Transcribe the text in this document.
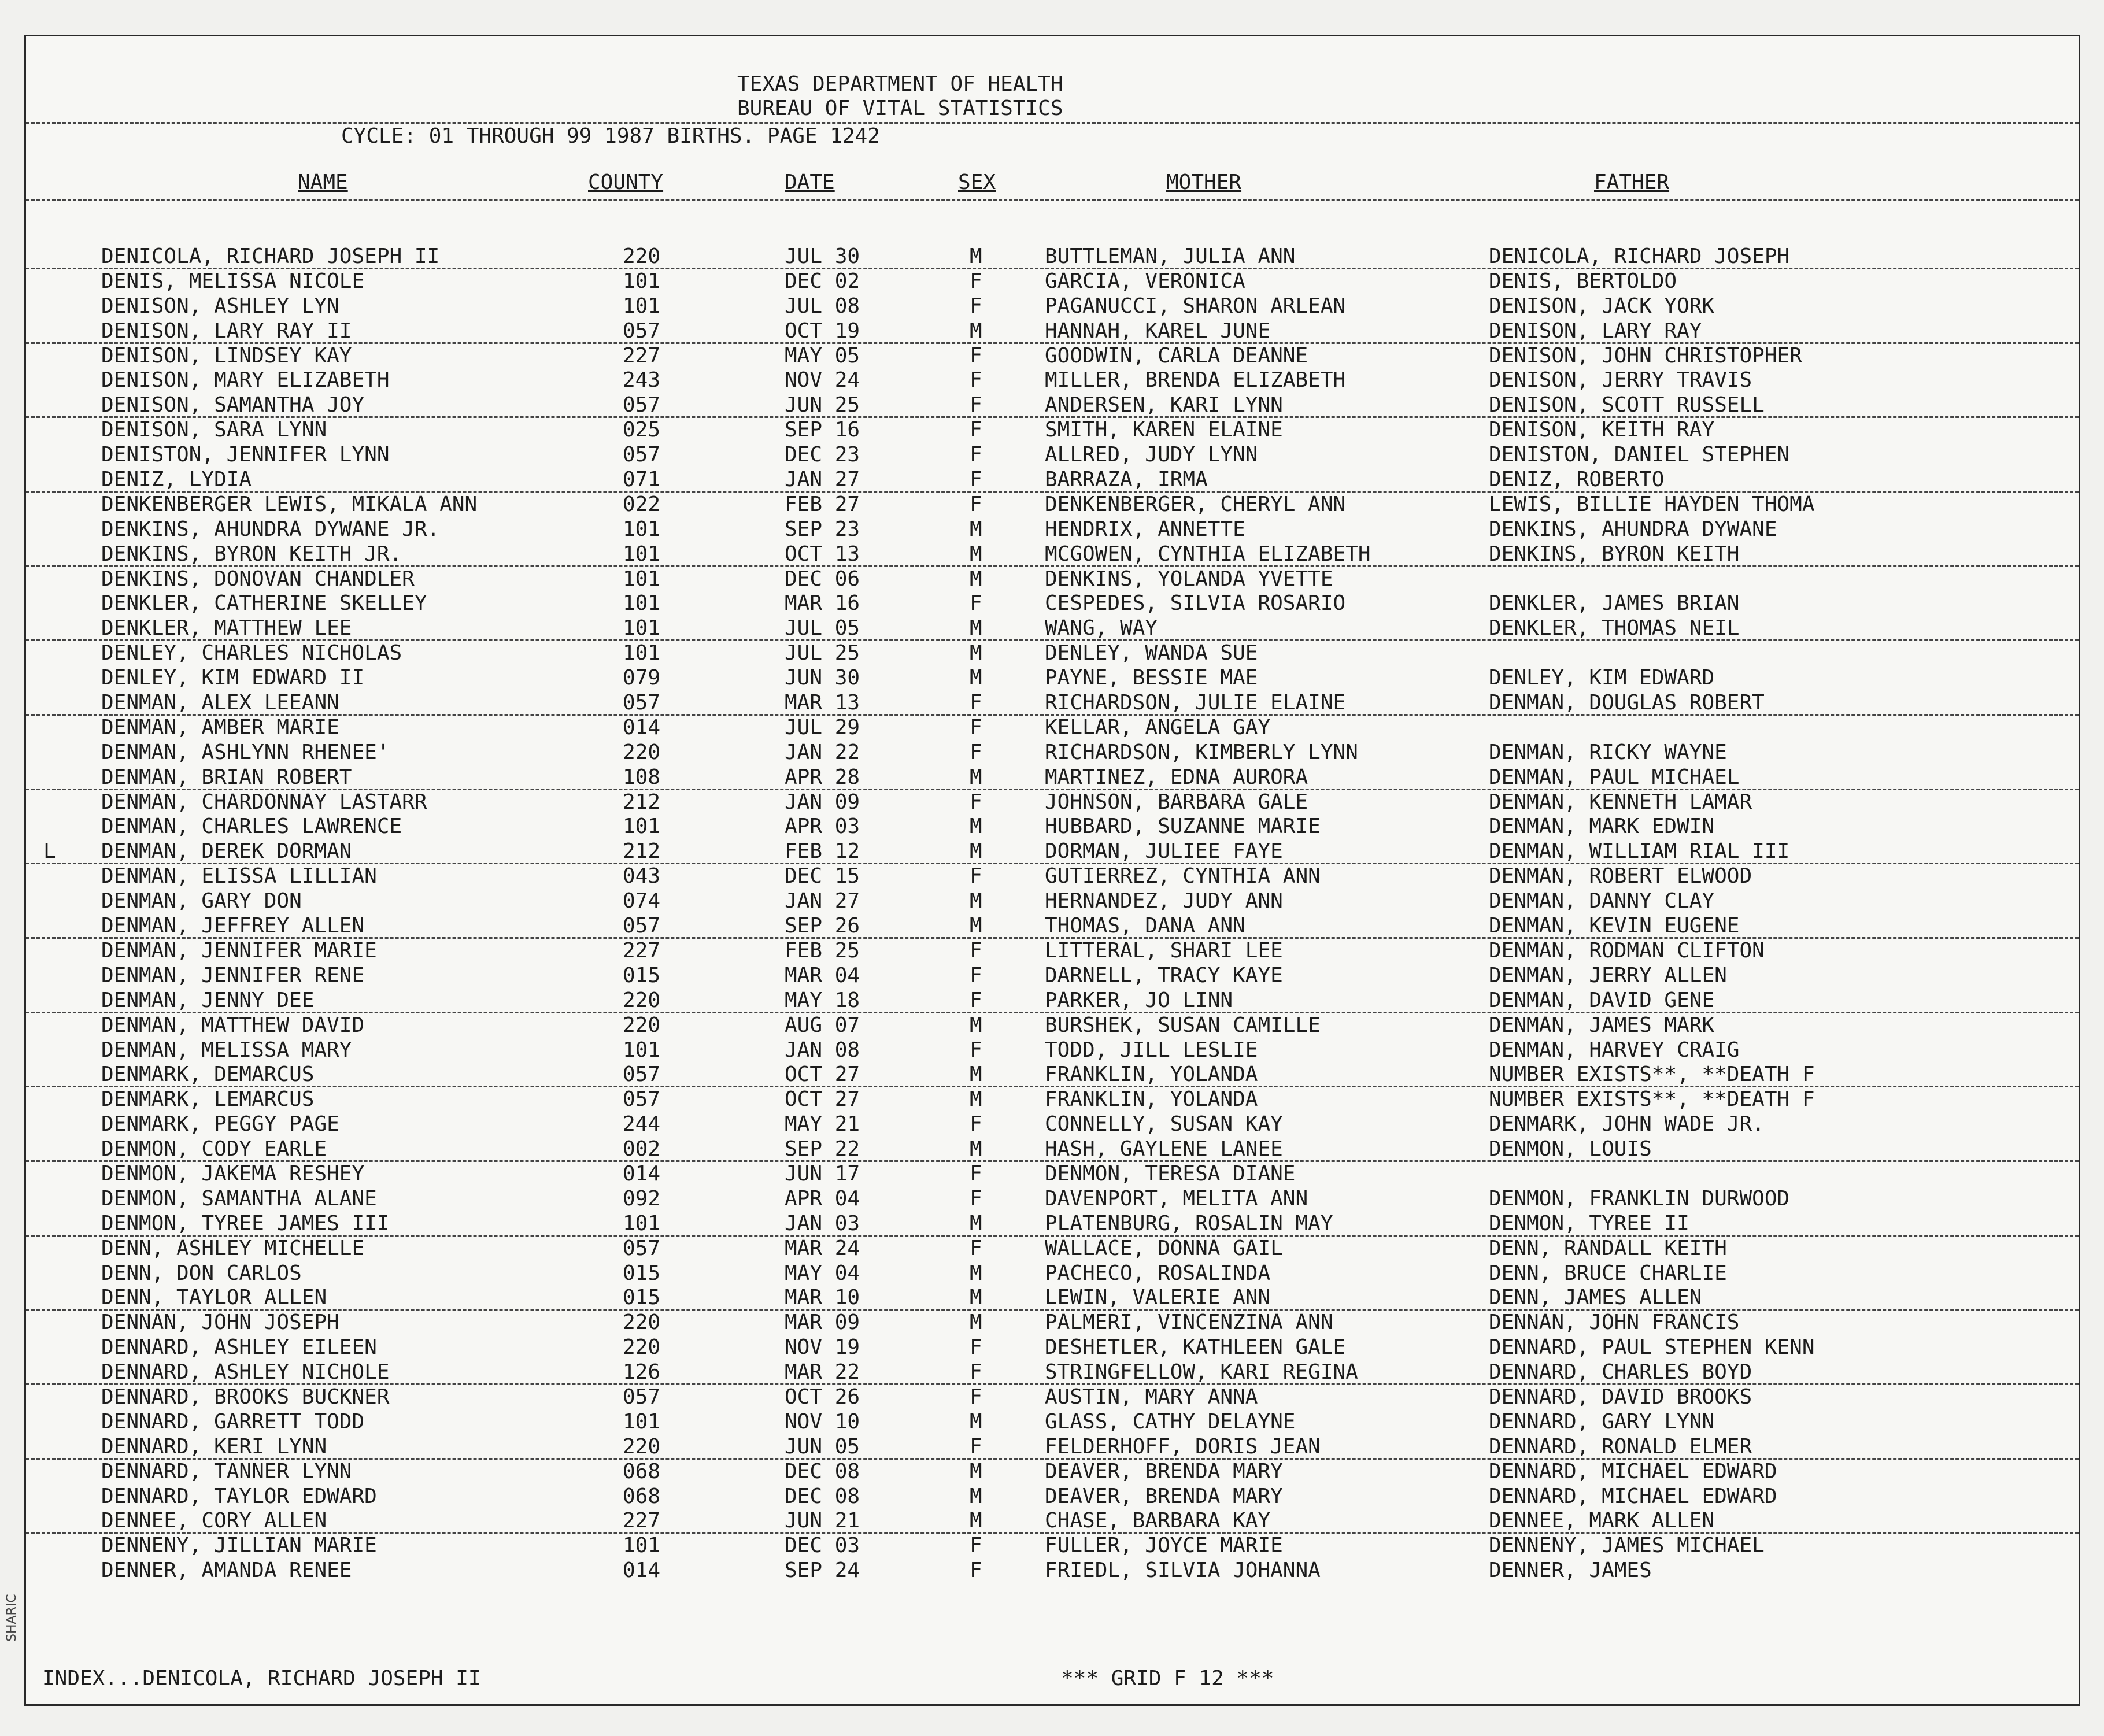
SHARIC
TEXAS DEPARTMENT OF HEALTH
BUREAU OF VITAL STATISTICS
CYCLE: 01 THROUGH 99 1987 BIRTHS. PAGE 1242
NAME	COUNTY	DATE	SEX	MOTHER	FATHER
DENICOLA, RICHARD JOSEPH II	220	JUL 30	M	BUTTLEMAN, JULIA ANN	DENICOLA, RICHARD JOSEPH
DENIS, MELISSA NICOLE	101	DEC 02	F	GARCIA, VERONICA	DENIS, BERTOLDO
DENISON, ASHLEY LYN	101	JUL 08	F	PAGANUCCI, SHARON ARLEAN	DENISON, JACK YORK
DENISON, LARY RAY II	057	OCT 19	M	HANNAH, KAREL JUNE	DENISON, LARY RAY
DENISON, LINDSEY KAY	227	MAY 05	F	GOODWIN, CARLA DEANNE	DENISON, JOHN CHRISTOPHER
DENISON, MARY ELIZABETH	243	NOV 24	F	MILLER, BRENDA ELIZABETH	DENISON, JERRY TRAVIS
DENISON, SAMANTHA JOY	057	JUN 25	F	ANDERSEN, KARI LYNN	DENISON, SCOTT RUSSELL
DENISON, SARA LYNN	025	SEP 16	F	SMITH, KAREN ELAINE	DENISON, KEITH RAY
DENISTON, JENNIFER LYNN	057	DEC 23	F	ALLRED, JUDY LYNN	DENISTON, DANIEL STEPHEN
DENIZ, LYDIA	071	JAN 27	F	BARRAZA, IRMA	DENIZ, ROBERTO
DENKENBERGER LEWIS, MIKALA ANN	022	FEB 27	F	DENKENBERGER, CHERYL ANN	LEWIS, BILLIE HAYDEN THOMA
DENKINS, AHUNDRA DYWANE JR.	101	SEP 23	M	HENDRIX, ANNETTE	DENKINS, AHUNDRA DYWANE
DENKINS, BYRON KEITH JR.	101	OCT 13	M	MCGOWEN, CYNTHIA ELIZABETH	DENKINS, BYRON KEITH
DENKINS, DONOVAN CHANDLER	101	DEC 06	M	DENKINS, YOLANDA YVETTE
DENKLER, CATHERINE SKELLEY	101	MAR 16	F	CESPEDES, SILVIA ROSARIO	DENKLER, JAMES BRIAN
DENKLER, MATTHEW LEE	101	JUL 05	M	WANG, WAY	DENKLER, THOMAS NEIL
DENLEY, CHARLES NICHOLAS	101	JUL 25	M	DENLEY, WANDA SUE
DENLEY, KIM EDWARD II	079	JUN 30	M	PAYNE, BESSIE MAE	DENLEY, KIM EDWARD
DENMAN, ALEX LEEANN	057	MAR 13	F	RICHARDSON, JULIE ELAINE	DENMAN, DOUGLAS ROBERT
DENMAN, AMBER MARIE	014	JUL 29	F	KELLAR, ANGELA GAY
DENMAN, ASHLYNN RHENEE'	220	JAN 22	F	RICHARDSON, KIMBERLY LYNN	DENMAN, RICKY WAYNE
DENMAN, BRIAN ROBERT	108	APR 28	M	MARTINEZ, EDNA AURORA	DENMAN, PAUL MICHAEL
DENMAN, CHARDONNAY LASTARR	212	JAN 09	F	JOHNSON, BARBARA GALE	DENMAN, KENNETH LAMAR
DENMAN, CHARLES LAWRENCE	101	APR 03	M	HUBBARD, SUZANNE MARIE	DENMAN, MARK EDWIN
L DENMAN, DEREK DORMAN	212	FEB 12	M	DORMAN, JULIEE FAYE	DENMAN, WILLIAM RIAL III
DENMAN, ELISSA LILLIAN	043	DEC 15	F	GUTIERREZ, CYNTHIA ANN	DENMAN, ROBERT ELWOOD
DENMAN, GARY DON	074	JAN 27	M	HERNANDEZ, JUDY ANN	DENMAN, DANNY CLAY
DENMAN, JEFFREY ALLEN	057	SEP 26	M	THOMAS, DANA ANN	DENMAN, KEVIN EUGENE
DENMAN, JENNIFER MARIE	227	FEB 25	F	LITTERAL, SHARI LEE	DENMAN, RODMAN CLIFTON
DENMAN, JENNIFER RENE	015	MAR 04	F	DARNELL, TRACY KAYE	DENMAN, JERRY ALLEN
DENMAN, JENNY DEE	220	MAY 18	F	PARKER, JO LINN	DENMAN, DAVID GENE
DENMAN, MATTHEW DAVID	220	AUG 07	M	BURSHEK, SUSAN CAMILLE	DENMAN, JAMES MARK
DENMAN, MELISSA MARY	101	JAN 08	F	TODD, JILL LESLIE	DENMAN, HARVEY CRAIG
DENMARK, DEMARCUS	057	OCT 27	M	FRANKLIN, YOLANDA	NUMBER EXISTS**, **DEATH F
DENMARK, LEMARCUS	057	OCT 27	M	FRANKLIN, YOLANDA	NUMBER EXISTS**, **DEATH F
DENMARK, PEGGY PAGE	244	MAY 21	F	CONNELLY, SUSAN KAY	DENMARK, JOHN WADE JR.
DENMON, CODY EARLE	002	SEP 22	M	HASH, GAYLENE LANEE	DENMON, LOUIS
DENMON, JAKEMA RESHEY	014	JUN 17	F	DENMON, TERESA DIANE
DENMON, SAMANTHA ALANE	092	APR 04	F	DAVENPORT, MELITA ANN	DENMON, FRANKLIN DURWOOD
DENMON, TYREE JAMES III	101	JAN 03	M	PLATENBURG, ROSALIN MAY	DENMON, TYREE II
DENN, ASHLEY MICHELLE	057	MAR 24	F	WALLACE, DONNA GAIL	DENN, RANDALL KEITH
DENN, DON CARLOS	015	MAY 04	M	PACHECO, ROSALINDA	DENN, BRUCE CHARLIE
DENN, TAYLOR ALLEN	015	MAR 10	M	LEWIN, VALERIE ANN	DENN, JAMES ALLEN
DENNAN, JOHN JOSEPH	220	MAR 09	M	PALMERI, VINCENZINA ANN	DENNAN, JOHN FRANCIS
DENNARD, ASHLEY EILEEN	220	NOV 19	F	DESHETLER, KATHLEEN GALE	DENNARD, PAUL STEPHEN KENN
DENNARD, ASHLEY NICHOLE	126	MAR 22	F	STRINGFELLOW, KARI REGINA	DENNARD, CHARLES BOYD
DENNARD, BROOKS BUCKNER	057	OCT 26	F	AUSTIN, MARY ANNA	DENNARD, DAVID BROOKS
DENNARD, GARRETT TODD	101	NOV 10	M	GLASS, CATHY DELAYNE	DENNARD, GARY LYNN
DENNARD, KERI LYNN	220	JUN 05	F	FELDERHOFF, DORIS JEAN	DENNARD, RONALD ELMER
DENNARD, TANNER LYNN	068	DEC 08	M	DEAVER, BRENDA MARY	DENNARD, MICHAEL EDWARD
DENNARD, TAYLOR EDWARD	068	DEC 08	M	DEAVER, BRENDA MARY	DENNARD, MICHAEL EDWARD
DENNEE, CORY ALLEN	227	JUN 21	M	CHASE, BARBARA KAY	DENNEE, MARK ALLEN
DENNENY, JILLIAN MARIE	101	DEC 03	F	FULLER, JOYCE MARIE	DENNENY, JAMES MICHAEL
DENNER, AMANDA RENEE	014	SEP 24	F	FRIEDL, SILVIA JOHANNA	DENNER, JAMES
INDEX...DENICOLA, RICHARD JOSEPH II	*** GRID F 12 ***
